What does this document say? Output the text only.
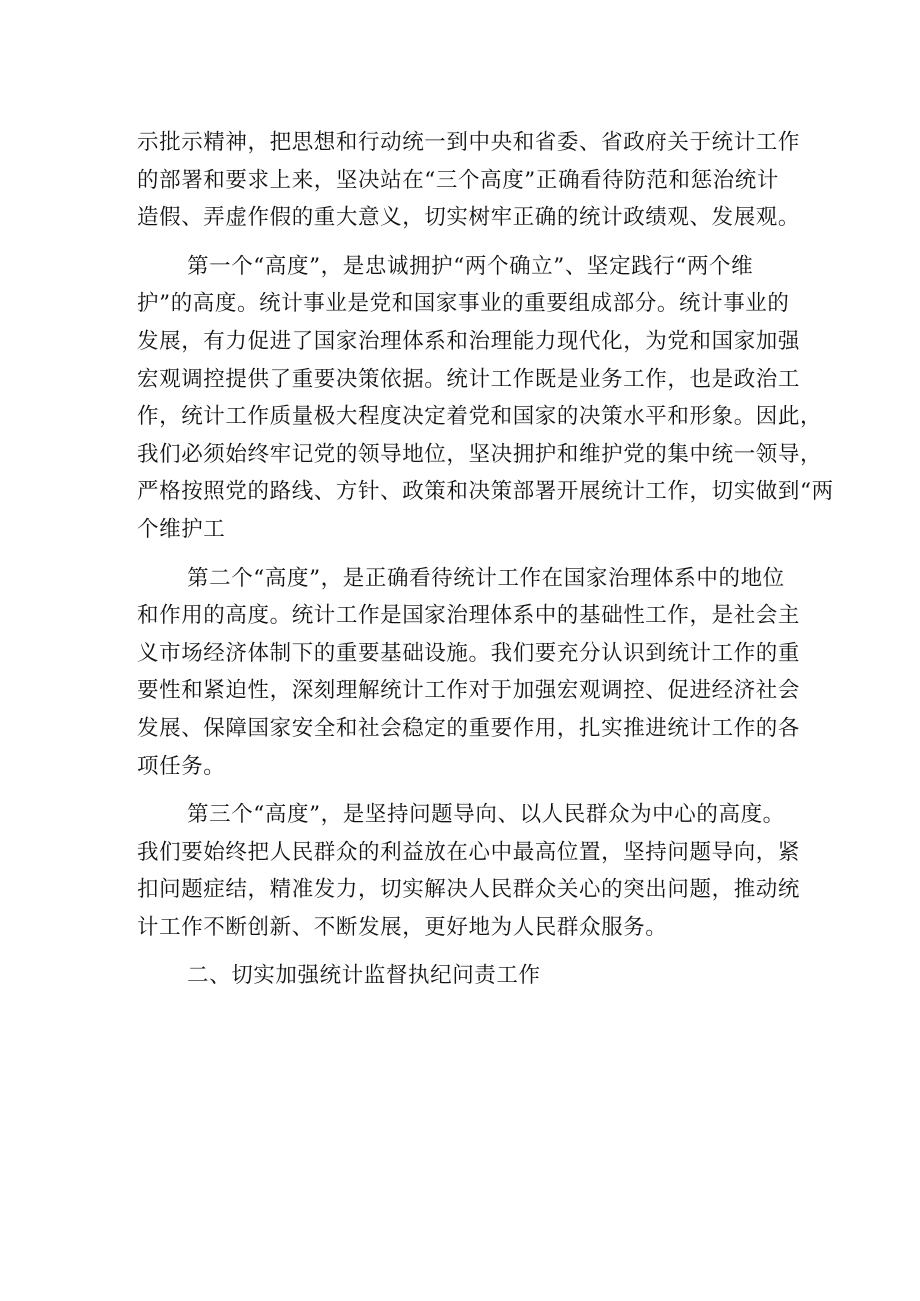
示批示精神，把思想和行动统一到中央和省委、省政府关于统计工作
的部署和要求上来，坚决站在“三个高度”正确看待防范和惩治统计
造假、弄虚作假的重大意义，切实树牢正确的统计政绩观、发展观。
第一个“高度”，是忠诚拥护“两个确立”、坚定践行“两个维
护”的高度。统计事业是党和国家事业的重要组成部分。统计事业的
发展，有力促进了国家治理体系和治理能力现代化，为党和国家加强
宏观调控提供了重要决策依据。统计工作既是业务工作，也是政治工
作，统计工作质量极大程度决定着党和国家的决策水平和形象。因此，
我们必须始终牢记党的领导地位，坚决拥护和维护党的集中统一领导，
严格按照党的路线、方针、政策和决策部署开展统计工作，切实做到“两
个维护工
第二个“高度”，是正确看待统计工作在国家治理体系中的地位
和作用的高度。统计工作是国家治理体系中的基础性工作，是社会主
义市场经济体制下的重要基础设施。我们要充分认识到统计工作的重
要性和紧迫性，深刻理解统计工作对于加强宏观调控、促进经济社会
发展、保障国家安全和社会稳定的重要作用，扎实推进统计工作的各
项任务。
第三个“高度”，是坚持问题导向、以人民群众为中心的高度。
我们要始终把人民群众的利益放在心中最高位置，坚持问题导向，紧
扣问题症结，精准发力，切实解决人民群众关心的突出问题，推动统
计工作不断创新、不断发展，更好地为人民群众服务。
二、切实加强统计监督执纪问责工作
